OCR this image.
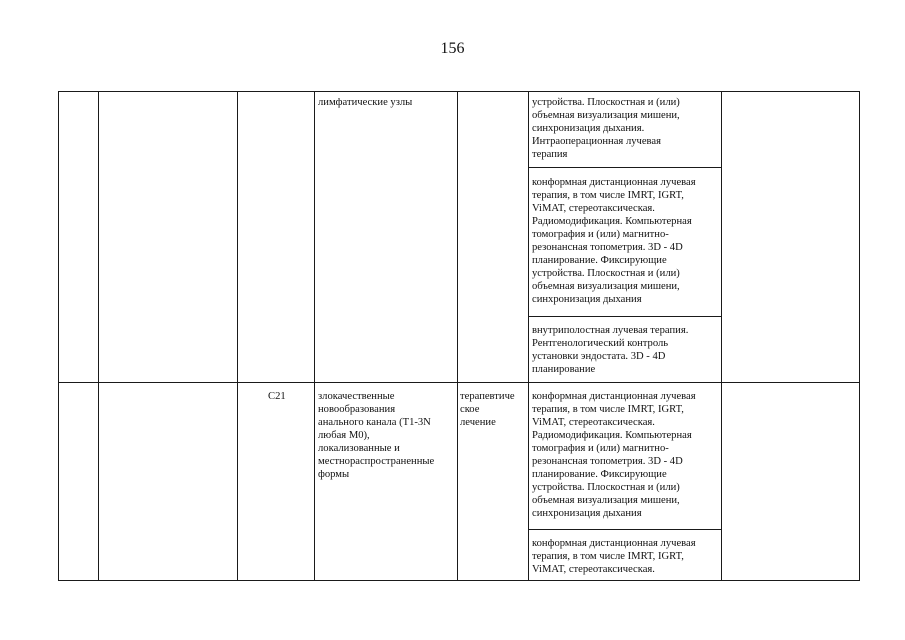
156
лимфатические узлы	устройства. Плоскостная и (или)
объемная визуализация мишени,
синхронизация дыхания.
Интраоперационная лучевая
терапия
конформная дистанционная лучевая
терапия, в том числе IMRT, IGRT,
ViMAT, стереотаксическая.
Радиомодификация. Компьютерная
томография и (или) магнитно-
резонансная топометрия. 3D - 4D
планирование. Фиксирующие
устройства. Плоскостная и (или)
объемная визуализация мишени,
синхронизация дыхания
внутриполостная лучевая терапия.
Рентгенологический контроль
установки эндостата. 3D - 4D
планирование
C21	злокачественные
новообразования
анального канала (T1-3N
любая M0),
локализованные и
местнораспространенные
формы
терапевтиче
ское
лечение
конформная дистанционная лучевая
терапия, в том числе IMRT, IGRT,
ViMAT, стереотаксическая.
Радиомодификация. Компьютерная
томография и (или) магнитно-
резонансная топометрия. 3D - 4D
планирование. Фиксирующие
устройства. Плоскостная и (или)
объемная визуализация мишени,
синхронизация дыхания
конформная дистанционная лучевая
терапия, в том числе IMRT, IGRT,
ViMAT, стереотаксическая.
